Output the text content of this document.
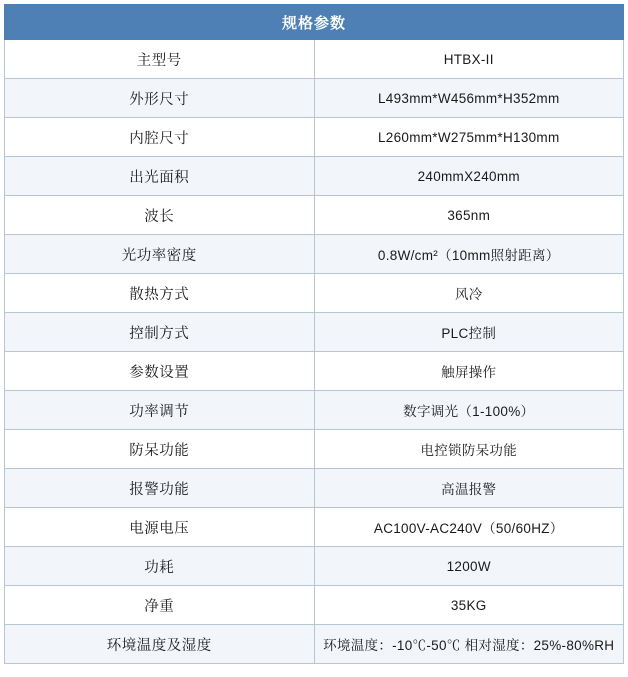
规格参数	
主型号	HTBX-II
外形尺寸	L493mm*W456mm*H352mm
内腔尺寸	L260mm*W275mm*H130mm
出光面积	240mmX240mm
波长	365nm
光功率密度	0.8W/cm²（10mm照射距离）
散热方式	风冷
控制方式	PLC控制
参数设置	触屏操作
功率调节	数字调光（1-100%）
防呆功能	电控锁防呆功能
报警功能	高温报警
电源电压	AC100V-AC240V（50/60HZ）
功耗	1200W
净重	35KG
环境温度及湿度	环境温度：-10℃-50℃ 相对湿度：25%-80%RH
